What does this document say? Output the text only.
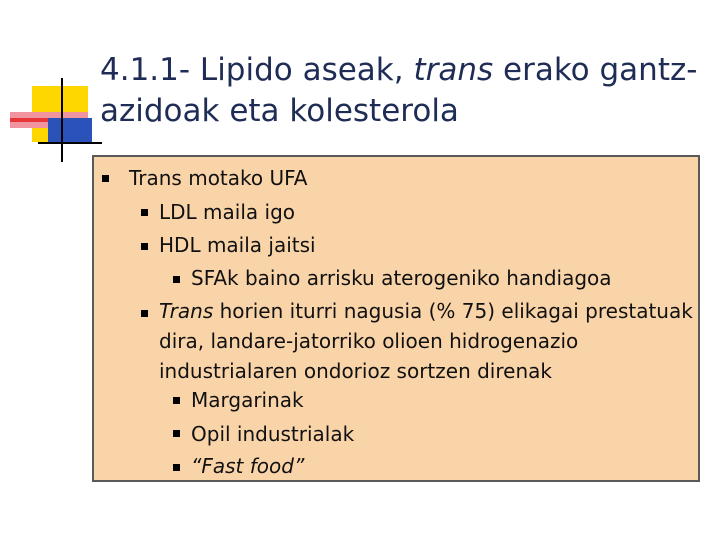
4.1.1- Lipido aseak, trans erako gantz-azidoak eta kolesterola
Trans motako UFA
LDL maila igo
HDL maila jaitsi
SFAk baino arrisku aterogeniko handiagoa
Trans horien iturri nagusia (% 75) elikagai prestatuak dira, landare-jatorriko olioen hidrogenazio industrialaren ondorioz sortzen direnak
Margarinak
Opil industrialak
“Fast food”
